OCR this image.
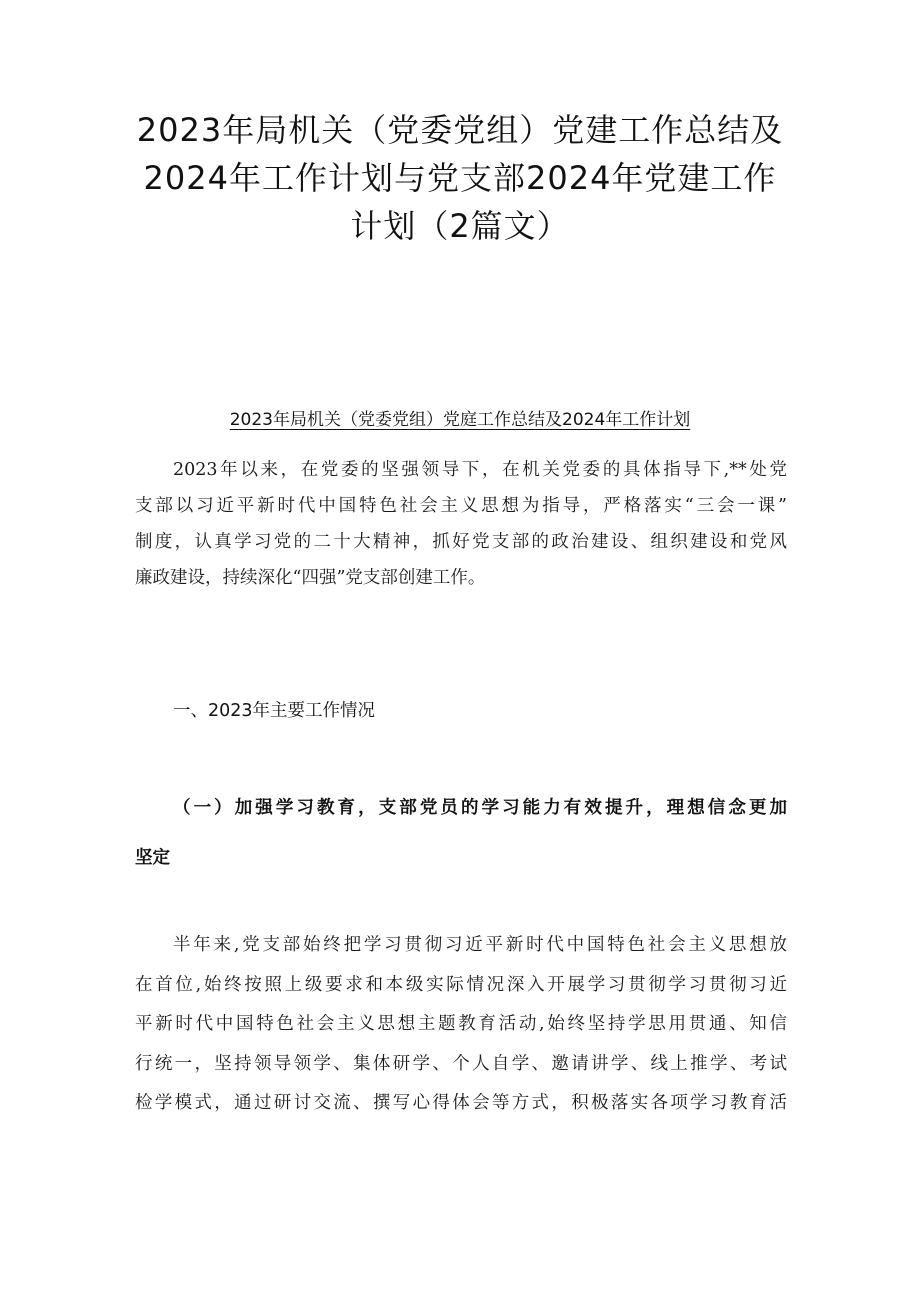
2023年局机关（党委党组）党建工作总结及
2024年工作计划与党支部2024年党建工作
计划（2篇文）
2023年局机关（党委党组）党庭工作总结及2024年工作计划
2023年以来，在党委的坚强领导下，在机关党委的具体指导下,**处党
支部以习近平新时代中国特色社会主义思想为指导，严格落实“三会一课”
制度，认真学习党的二十大精神，抓好党支部的政治建设、组织建设和党风
廉政建设，持续深化“四强”党支部创建工作。
一、2023年主要工作情况
（一）加强学习教育，支部党员的学习能力有效提升，理想信念更加
坚定
半年来,党支部始终把学习贯彻习近平新时代中国特色社会主义思想放
在首位,始终按照上级要求和本级实际情况深入开展学习贯彻学习贯彻习近
平新时代中国特色社会主义思想主题教育活动,始终坚持学思用贯通、知信
行统一，坚持领导领学、集体研学、个人自学、邀请讲学、线上推学、考试
检学模式，通过研讨交流、撰写心得体会等方式，积极落实各项学习教育活
